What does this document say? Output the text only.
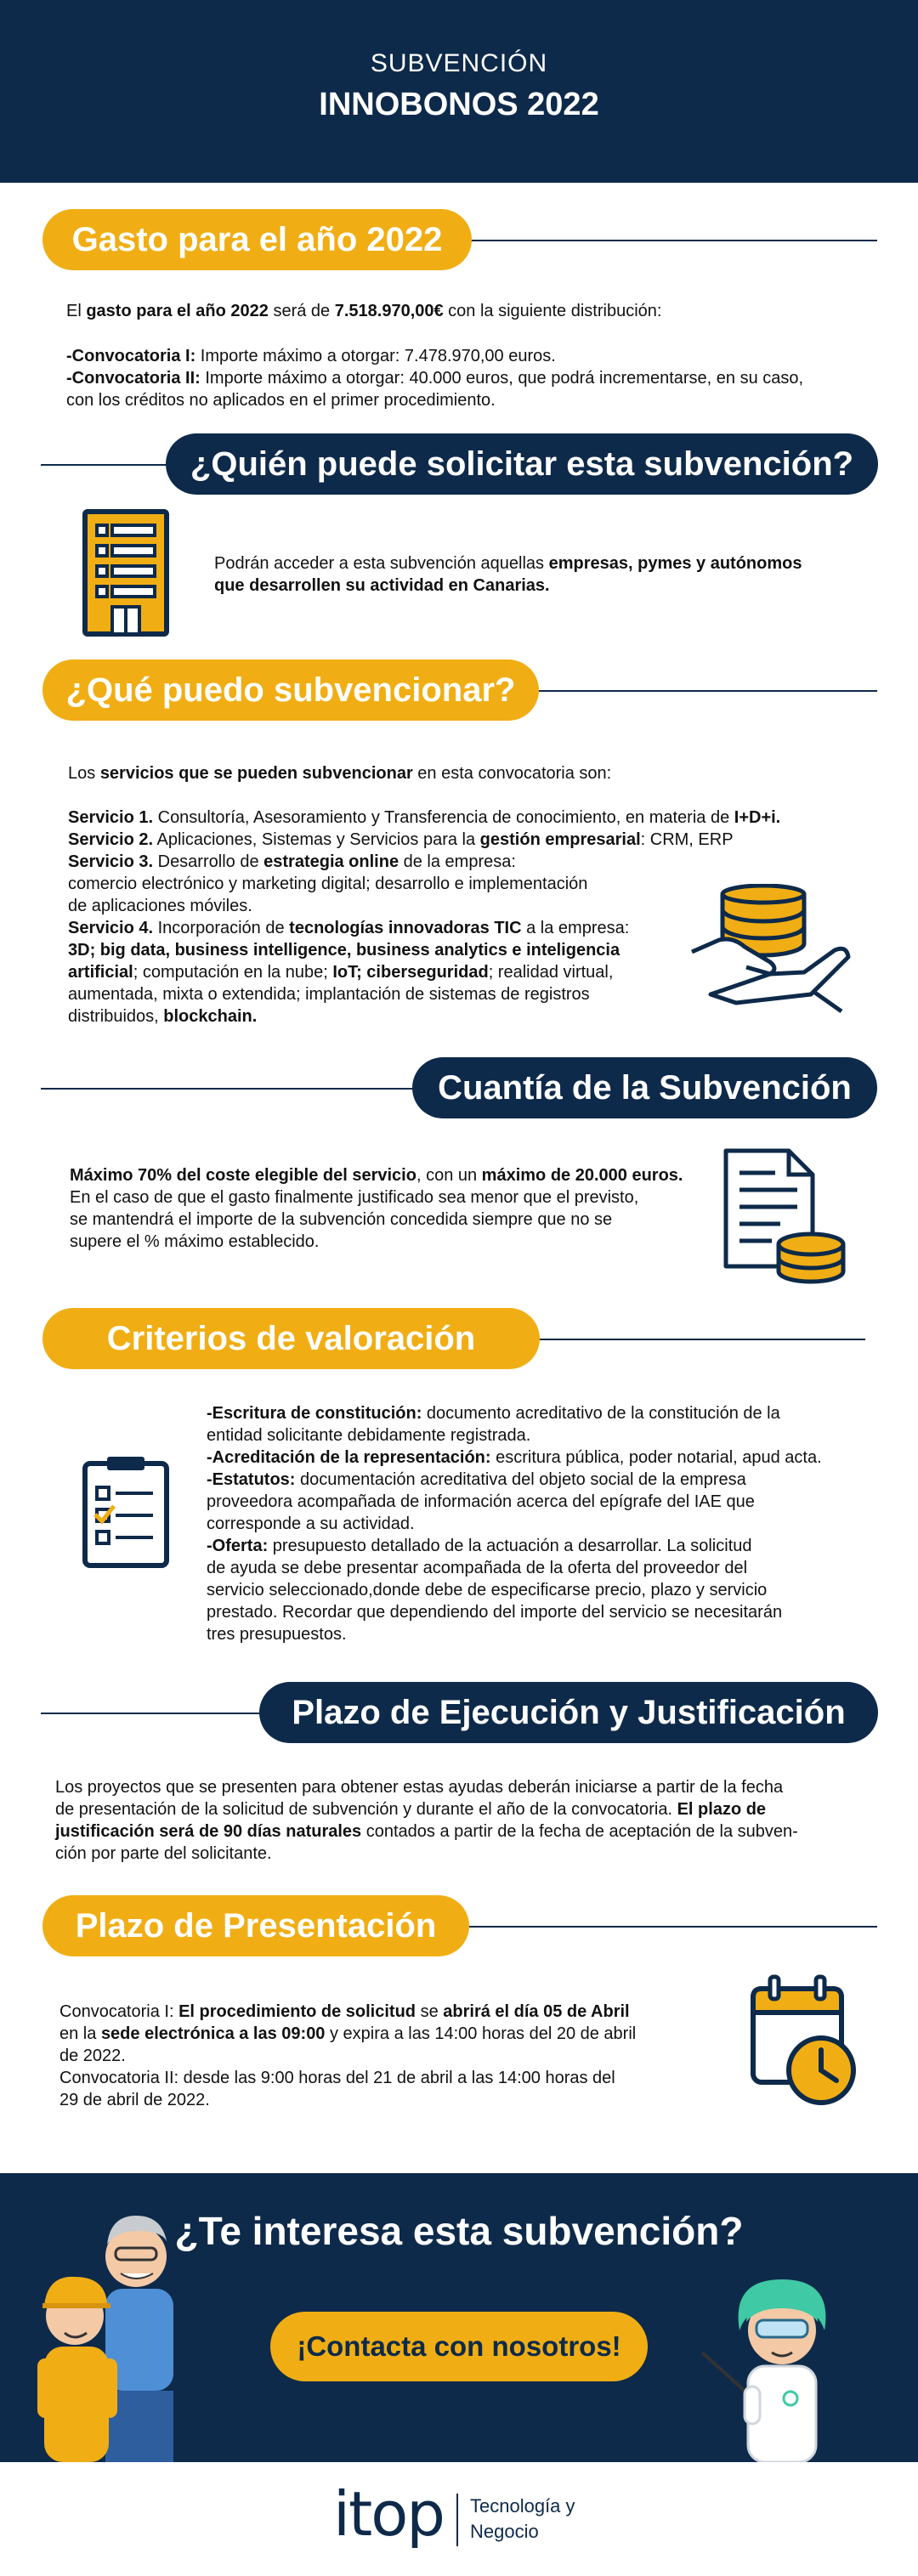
SUBVENCIÓN
INNOBONOS 2022
Gasto para el año 2022

El gasto para el año 2022 será de 7.518.970,00€ con la siguiente distribución:

-Convocatoria I: Importe máximo a otorgar: 7.478.970,00 euros.

-Convocatoria II: Importe máximo a otorgar: 40.000 euros, que podrá incrementarse, en su caso,

con los créditos no aplicados en el primer procedimiento.

¿Quién puede solicitar esta subvención?

Podrán acceder a esta subvención aquellas empresas, pymes y autónomos

que desarrollen su actividad en Canarias.

¿Qué puedo subvencionar?

Los servicios que se pueden subvencionar en esta convocatoria son:

Servicio 1. Consultoría, Asesoramiento y Transferencia de conocimiento, en materia de I+D+i.

Servicio 2. Aplicaciones, Sistemas y Servicios para la gestión empresarial: CRM, ERP

Servicio 3. Desarrollo de estrategia online de la empresa:

comercio electrónico y marketing digital; desarrollo e implementación

de aplicaciones móviles.

Servicio 4. Incorporación de tecnologías innovadoras TIC a la empresa:

3D; big data, business intelligence, business analytics e inteligencia

artificial; computación en la nube; IoT; ciberseguridad; realidad virtual,

aumentada, mixta o extendida; implantación de sistemas de registros

distribuidos, blockchain.

Cuantía de la Subvención

Máximo 70% del coste elegible del servicio, con un máximo de 20.000 euros.

En el caso de que el gasto finalmente justificado sea menor que el previsto,

se mantendrá el importe de la subvención concedida siempre que no se

supere el % máximo establecido.

Criterios de valoración

-Escritura de constitución: documento acreditativo de la constitución de la

entidad solicitante debidamente registrada.

-Acreditación de la representación: escritura pública, poder notarial, apud acta.

-Estatutos: documentación acreditativa del objeto social de la empresa

proveedora acompañada de información acerca del epígrafe del IAE que

corresponde a su actividad.

-Oferta: presupuesto detallado de la actuación a desarrollar. La solicitud

de ayuda se debe presentar acompañada de la oferta del proveedor del

servicio seleccionado,donde debe de especificarse precio, plazo y servicio

prestado. Recordar que dependiendo del importe del servicio se necesitarán

tres presupuestos.

Plazo de Ejecución y Justificación

Los proyectos que se presenten para obtener estas ayudas deberán iniciarse a partir de la fecha

de presentación de la solicitud de subvención y durante el año de la convocatoria. El plazo de

justificación será de 90 días naturales contados a partir de la fecha de aceptación de la subven-

ción por parte del solicitante.

Plazo de Presentación

Convocatoria I: El procedimiento de solicitud se abrirá el día 05 de Abril

en la sede electrónica a las 09:00 y expira a las 14:00 horas del 20 de abril

de 2022.

Convocatoria II: desde las 9:00 horas del 21 de abril a las 14:00 horas del

29 de abril de 2022.

¿Te interesa esta subvención?
¡Contacta con nosotros!
itop Tecnología y
Negocio
